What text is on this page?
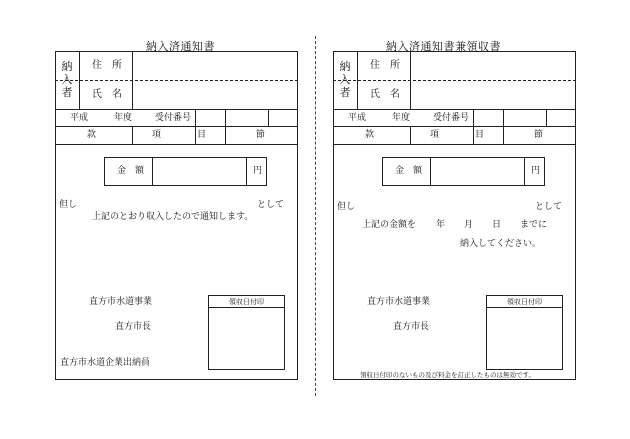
納入済通知書
納
入
者
住　所
氏　名
平成	年度	受付番号
款	項	目	節
金　額	円
但し	として
上記のとおり収入したので通知します。
領収日付印
直方市水道事業
直方市長
直方市水道企業出納員
納入済通知書兼領収書
納
入
者
住　所
氏　名
平成	年度	受付番号
款	項	目	節
金　額	円
但し	として
上記の金額を 年 月 日 までに
納入してください。
領収日付印
直方市水道事業
直方市長
領収日付印のないもの及び料金を訂正したものは無効です。
